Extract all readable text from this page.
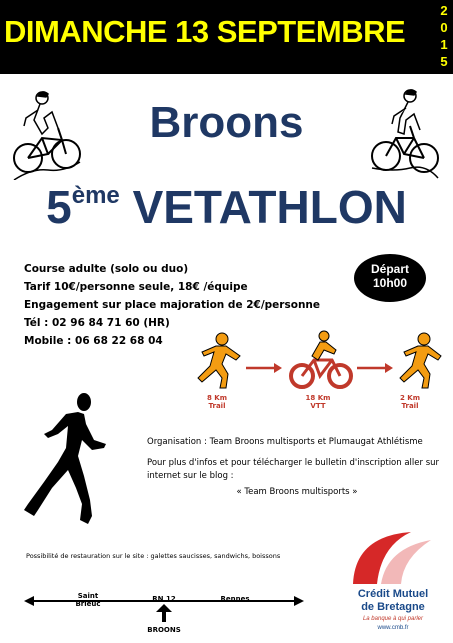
DIMANCHE 13 SEPTEMBRE
2
0
1
5
Broons
5ème VETATHLON
Course adulte (solo ou duo)
Tarif 10€/personne seule, 18€ /équipe
Engagement sur place majoration de 2€/personne
Tél : 02 96 84 71 60 (HR)
Mobile : 06 68 22 68 04
Départ
10h00
8 Km
Trail
18 Km
VTT
2 Km
Trail
Organisation : Team Broons multisports et Plumaugat Athlétisme
Pour plus d'infos et pour télécharger le bulletin d'inscription aller sur internet sur le blog :
« Team Broons multisports »
Possibilité de restauration sur le site : galettes saucisses, sandwichs, boissons
Saint Brieuc
RN 12	Rennes
BROONS
Crédit Mutuel
de Bretagne
La banque à qui parler
www.cmb.fr
